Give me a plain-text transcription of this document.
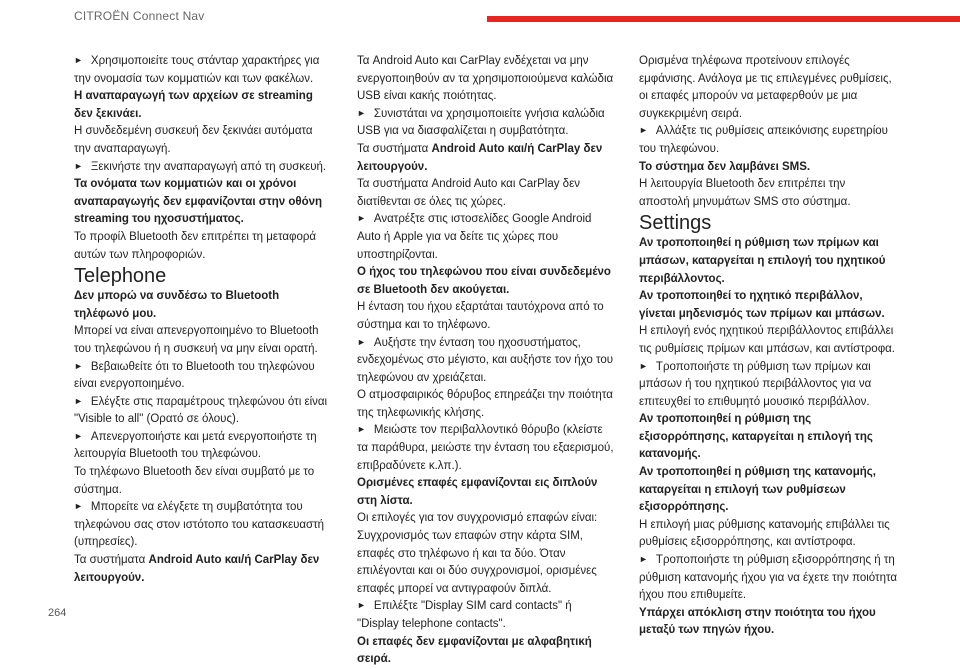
CITROËN Connect Nav

► Χρησιμοποιείτε τους στάνταρ χαρακτήρες για την ονομασία των κομματιών και των φακέλων.

Η αναπαραγωγή των αρχείων σε streaming δεν ξεκινάει.

Η συνδεδεμένη συσκευή δεν ξεκινάει αυτόματα την αναπαραγωγή.

► Ξεκινήστε την αναπαραγωγή από τη συσκευή.

Τα ονόματα των κομματιών και οι χρόνοι αναπαραγωγής δεν εμφανίζονται στην οθόνη streaming του ηχοσυστήματος.

Το προφίλ Bluetooth δεν επιτρέπει τη μεταφορά αυτών των πληροφοριών.

Telephone

Δεν μπορώ να συνδέσω το Bluetooth τηλέφωνό μου.

Μπορεί να είναι απενεργοποιημένο το Bluetooth του τηλεφώνου ή η συσκευή να μην είναι ορατή.

► Βεβαιωθείτε ότι το Bluetooth του τηλεφώνου είναι ενεργοποιημένο.

► Ελέγξτε στις παραμέτρους τηλεφώνου ότι είναι "Visible to all" (Ορατό σε όλους).

► Απενεργοποιήστε και μετά ενεργοποιήστε τη λειτουργία Bluetooth του τηλεφώνου.

Το τηλέφωνο Bluetooth δεν είναι συμβατό με το σύστημα.

► Μπορείτε να ελέγξετε τη συμβατότητα του τηλεφώνου σας στον ιστότοπο του κατασκευαστή (υπηρεσίες).

Τα συστήματα Android Auto και/ή CarPlay δεν λειτουργούν.

Τα Android Auto και CarPlay ενδέχεται να μην ενεργοποιηθούν αν τα χρησιμοποιούμενα καλώδια USB είναι κακής ποιότητας.

► Συνιστάται να χρησιμοποιείτε γνήσια καλώδια USB για να διασφαλίζεται η συμβατότητα.

Τα συστήματα Android Auto και/ή CarPlay δεν λειτουργούν.

Τα συστήματα Android Auto και CarPlay δεν διατίθενται σε όλες τις χώρες.

► Ανατρέξτε στις ιστοσελίδες Google Android Auto ή Apple για να δείτε τις χώρες που υποστηρίζονται.

Ο ήχος του τηλεφώνου που είναι συνδεδεμένο σε Bluetooth δεν ακούγεται.

Η ένταση του ήχου εξαρτάται ταυτόχρονα από το σύστημα και το τηλέφωνο.

► Αυξήστε την ένταση του ηχοσυστήματος, ενδεχομένως στο μέγιστο, και αυξήστε τον ήχο του τηλεφώνου αν χρειάζεται.

Ο ατμοσφαιρικός θόρυβος επηρεάζει την ποιότητα της τηλεφωνικής κλήσης.

► Μειώστε τον περιβαλλοντικό θόρυβο (κλείστε τα παράθυρα, μειώστε την ένταση του εξαερισμού, επιβραδύνετε κ.λπ.).

Ορισμένες επαφές εμφανίζονται εις διπλούν στη λίστα.

Οι επιλογές για τον συγχρονισμό επαφών είναι: Συγχρονισμός των επαφών στην κάρτα SIM, επαφές στο τηλέφωνο ή και τα δύο. Όταν επιλέγονται και οι δύο συγχρονισμοί, ορισμένες επαφές μπορεί να αντιγραφούν διπλά.

► Επιλέξτε "Display SIM card contacts" ή "Display telephone contacts".

Οι επαφές δεν εμφανίζονται με αλφαβητική σειρά.

Ορισμένα τηλέφωνα προτείνουν επιλογές εμφάνισης. Ανάλογα με τις επιλεγμένες ρυθμίσεις, οι επαφές μπορούν να μεταφερθούν με μια συγκεκριμένη σειρά.

► Αλλάξτε τις ρυθμίσεις απεικόνισης ευρετηρίου του τηλεφώνου.

Το σύστημα δεν λαμβάνει SMS.

Η λειτουργία Bluetooth δεν επιτρέπει την αποστολή μηνυμάτων SMS στο σύστημα.

Settings

Αν τροποποιηθεί η ρύθμιση των πρίμων και μπάσων, καταργείται η επιλογή του ηχητικού περιβάλλοντος.

Αν τροποποιηθεί το ηχητικό περιβάλλον, γίνεται μηδενισμός των πρίμων και μπάσων.

Η επιλογή ενός ηχητικού περιβάλλοντος επιβάλλει τις ρυθμίσεις πρίμων και μπάσων, και αντίστροφα.

► Τροποποιήστε τη ρύθμιση των πρίμων και μπάσων ή του ηχητικού περιβάλλοντος για να επιτευχθεί το επιθυμητό μουσικό περιβάλλον.

Αν τροποποιηθεί η ρύθμιση της εξισορρόπησης, καταργείται η επιλογή της κατανομής.

Αν τροποποιηθεί η ρύθμιση της κατανομής, καταργείται η επιλογή των ρυθμίσεων εξισορρόπησης.

Η επιλογή μιας ρύθμισης κατανομής επιβάλλει τις ρυθμίσεις εξισορρόπησης, και αντίστροφα.

► Τροποποιήστε τη ρύθμιση εξισορρόπησης ή τη ρύθμιση κατανομής ήχου για να έχετε την ποιότητα ήχου που επιθυμείτε.

Υπάρχει απόκλιση στην ποιότητα του ήχου μεταξύ των πηγών ήχου.

264
